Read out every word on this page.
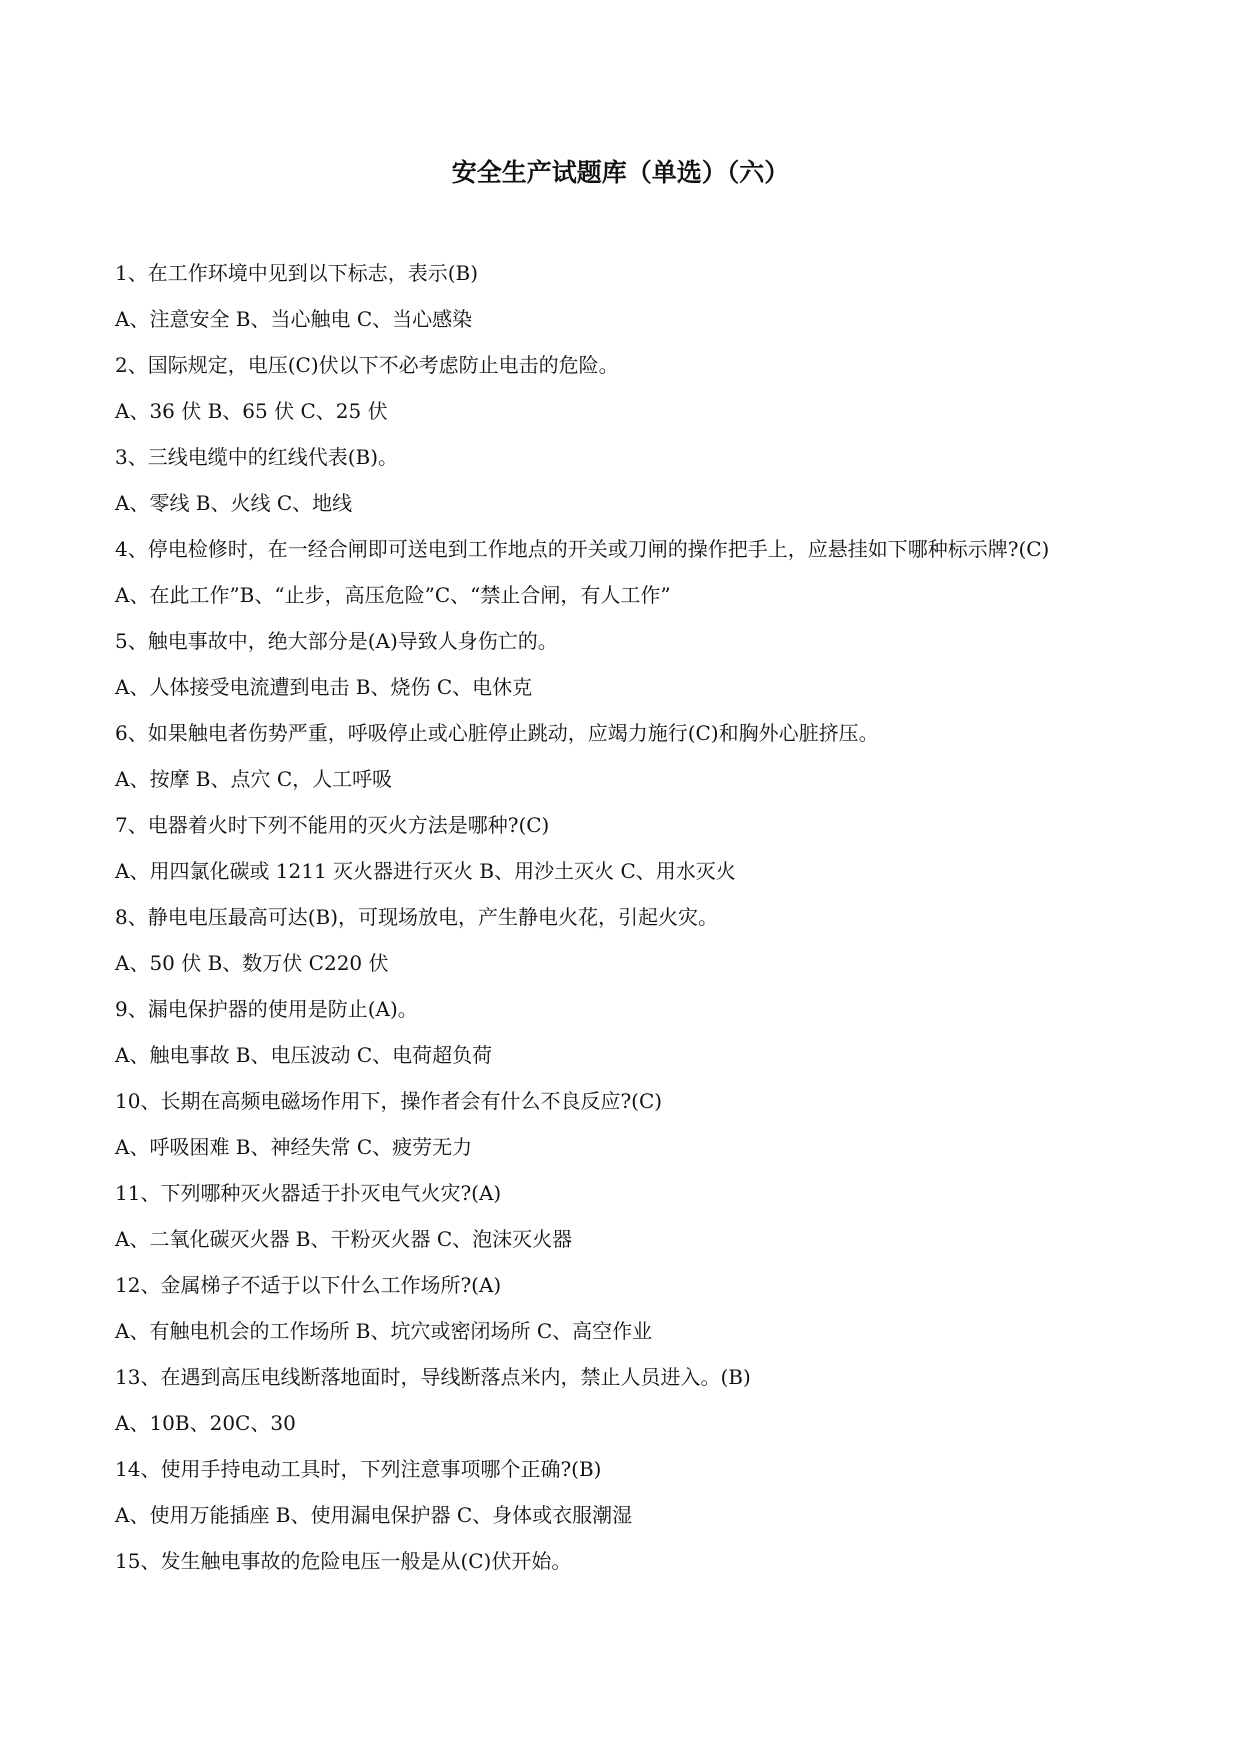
安全生产试题库（单选）（六）
1、在工作环境中见到以下标志，表示(B)
A、注意安全 B、当心触电 C、当心感染
2、国际规定，电压(C)伏以下不必考虑防止电击的危险。
A、36 伏 B、65 伏 C、25 伏
3、三线电缆中的红线代表(B)。
A、零线 B、火线 C、地线
4、停电检修时，在一经合闸即可送电到工作地点的开关或刀闸的操作把手上，应悬挂如下哪种标示牌?(C)
A、在此工作”B、“止步，高压危险”C、“禁止合闸，有人工作”
5、触电事故中，绝大部分是(A)导致人身伤亡的。
A、人体接受电流遭到电击 B、烧伤 C、电休克
6、如果触电者伤势严重，呼吸停止或心脏停止跳动，应竭力施行(C)和胸外心脏挤压。
A、按摩 B、点穴 C，人工呼吸
7、电器着火时下列不能用的灭火方法是哪种?(C)
A、用四氯化碳或 1211 灭火器进行灭火 B、用沙土灭火 C、用水灭火
8、静电电压最高可达(B)，可现场放电，产生静电火花，引起火灾。
A、50 伏 B、数万伏 C220 伏
9、漏电保护器的使用是防止(A)。
A、触电事故 B、电压波动 C、电荷超负荷
10、长期在高频电磁场作用下，操作者会有什么不良反应?(C)
A、呼吸困难 B、神经失常 C、疲劳无力
11、下列哪种灭火器适于扑灭电气火灾?(A)
A、二氧化碳灭火器 B、干粉灭火器 C、泡沫灭火器
12、金属梯子不适于以下什么工作场所?(A)
A、有触电机会的工作场所 B、坑穴或密闭场所 C、高空作业
13、在遇到高压电线断落地面时，导线断落点米内，禁止人员进入。(B)
A、10B、20C、30
14、使用手持电动工具时，下列注意事项哪个正确?(B)
A、使用万能插座 B、使用漏电保护器 C、身体或衣服潮湿
15、发生触电事故的危险电压一般是从(C)伏开始。
